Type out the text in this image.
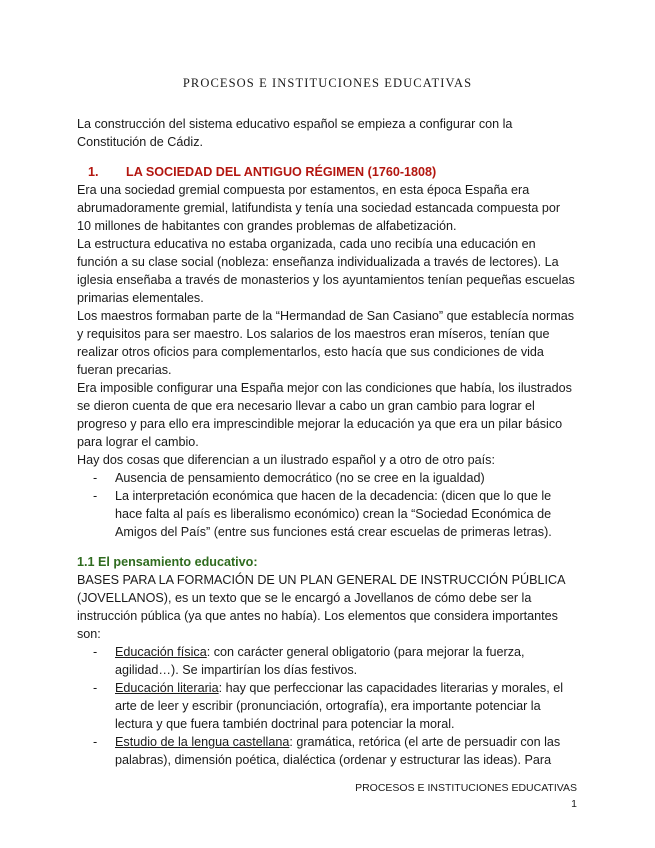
PROCESOS E INSTITUCIONES EDUCATIVAS

La construcción del sistema educativo español se empieza a configurar con la Constitución de Cádiz.

1.	LA SOCIEDAD DEL ANTIGUO RÉGIMEN (1760-1808)

Era una sociedad gremial compuesta por estamentos, en esta época España era abrumadoramente gremial, latifundista y tenía una sociedad estancada compuesta por 10 millones de habitantes con grandes problemas de alfabetización.

La estructura educativa no estaba organizada, cada uno recibía una educación en función a su clase social (nobleza: enseñanza individualizada a través de lectores). La iglesia enseñaba a través de monasterios y los ayuntamientos tenían pequeñas escuelas primarias elementales.

Los maestros formaban parte de la “Hermandad de San Casiano” que establecía normas y requisitos para ser maestro. Los salarios de los maestros eran míseros, tenían que realizar otros oficios para complementarlos, esto hacía que sus condiciones de vida fueran precarias.

Era imposible configurar una España mejor con las condiciones que había, los ilustrados se dieron cuenta de que era necesario llevar a cabo un gran cambio para lograr el progreso y para ello era imprescindible mejorar la educación ya que era un pilar básico para lograr el cambio.

Hay dos cosas que diferencian a un ilustrado español y a otro de otro país:

- Ausencia de pensamiento democrático (no se cree en la igualdad)
- La interpretación económica que hacen de la decadencia: (dicen que lo que le hace falta al país es liberalismo económico) crean la “Sociedad Económica de Amigos del País” (entre sus funciones está crear escuelas de primeras letras).

1.1 El pensamiento educativo:

BASES PARA LA FORMACIÓN DE UN PLAN GENERAL DE INSTRUCCIÓN PÚBLICA (JOVELLANOS), es un texto que se le encargó a Jovellanos de cómo debe ser la instrucción pública (ya que antes no había). Los elementos que considera importantes son:

- Educación física: con carácter general obligatorio (para mejorar la fuerza, agilidad…). Se impartirían los días festivos.
- Educación literaria: hay que perfeccionar las capacidades literarias y morales, el arte de leer y escribir (pronunciación, ortografía), era importante potenciar la lectura y que fuera también doctrinal para potenciar la moral.
- Estudio de la lengua castellana: gramática, retórica (el arte de persuadir con las palabras), dimensión poética, dialéctica (ordenar y estructurar las ideas). Para
PROCESOS E INSTITUCIONES EDUCATIVAS
1
